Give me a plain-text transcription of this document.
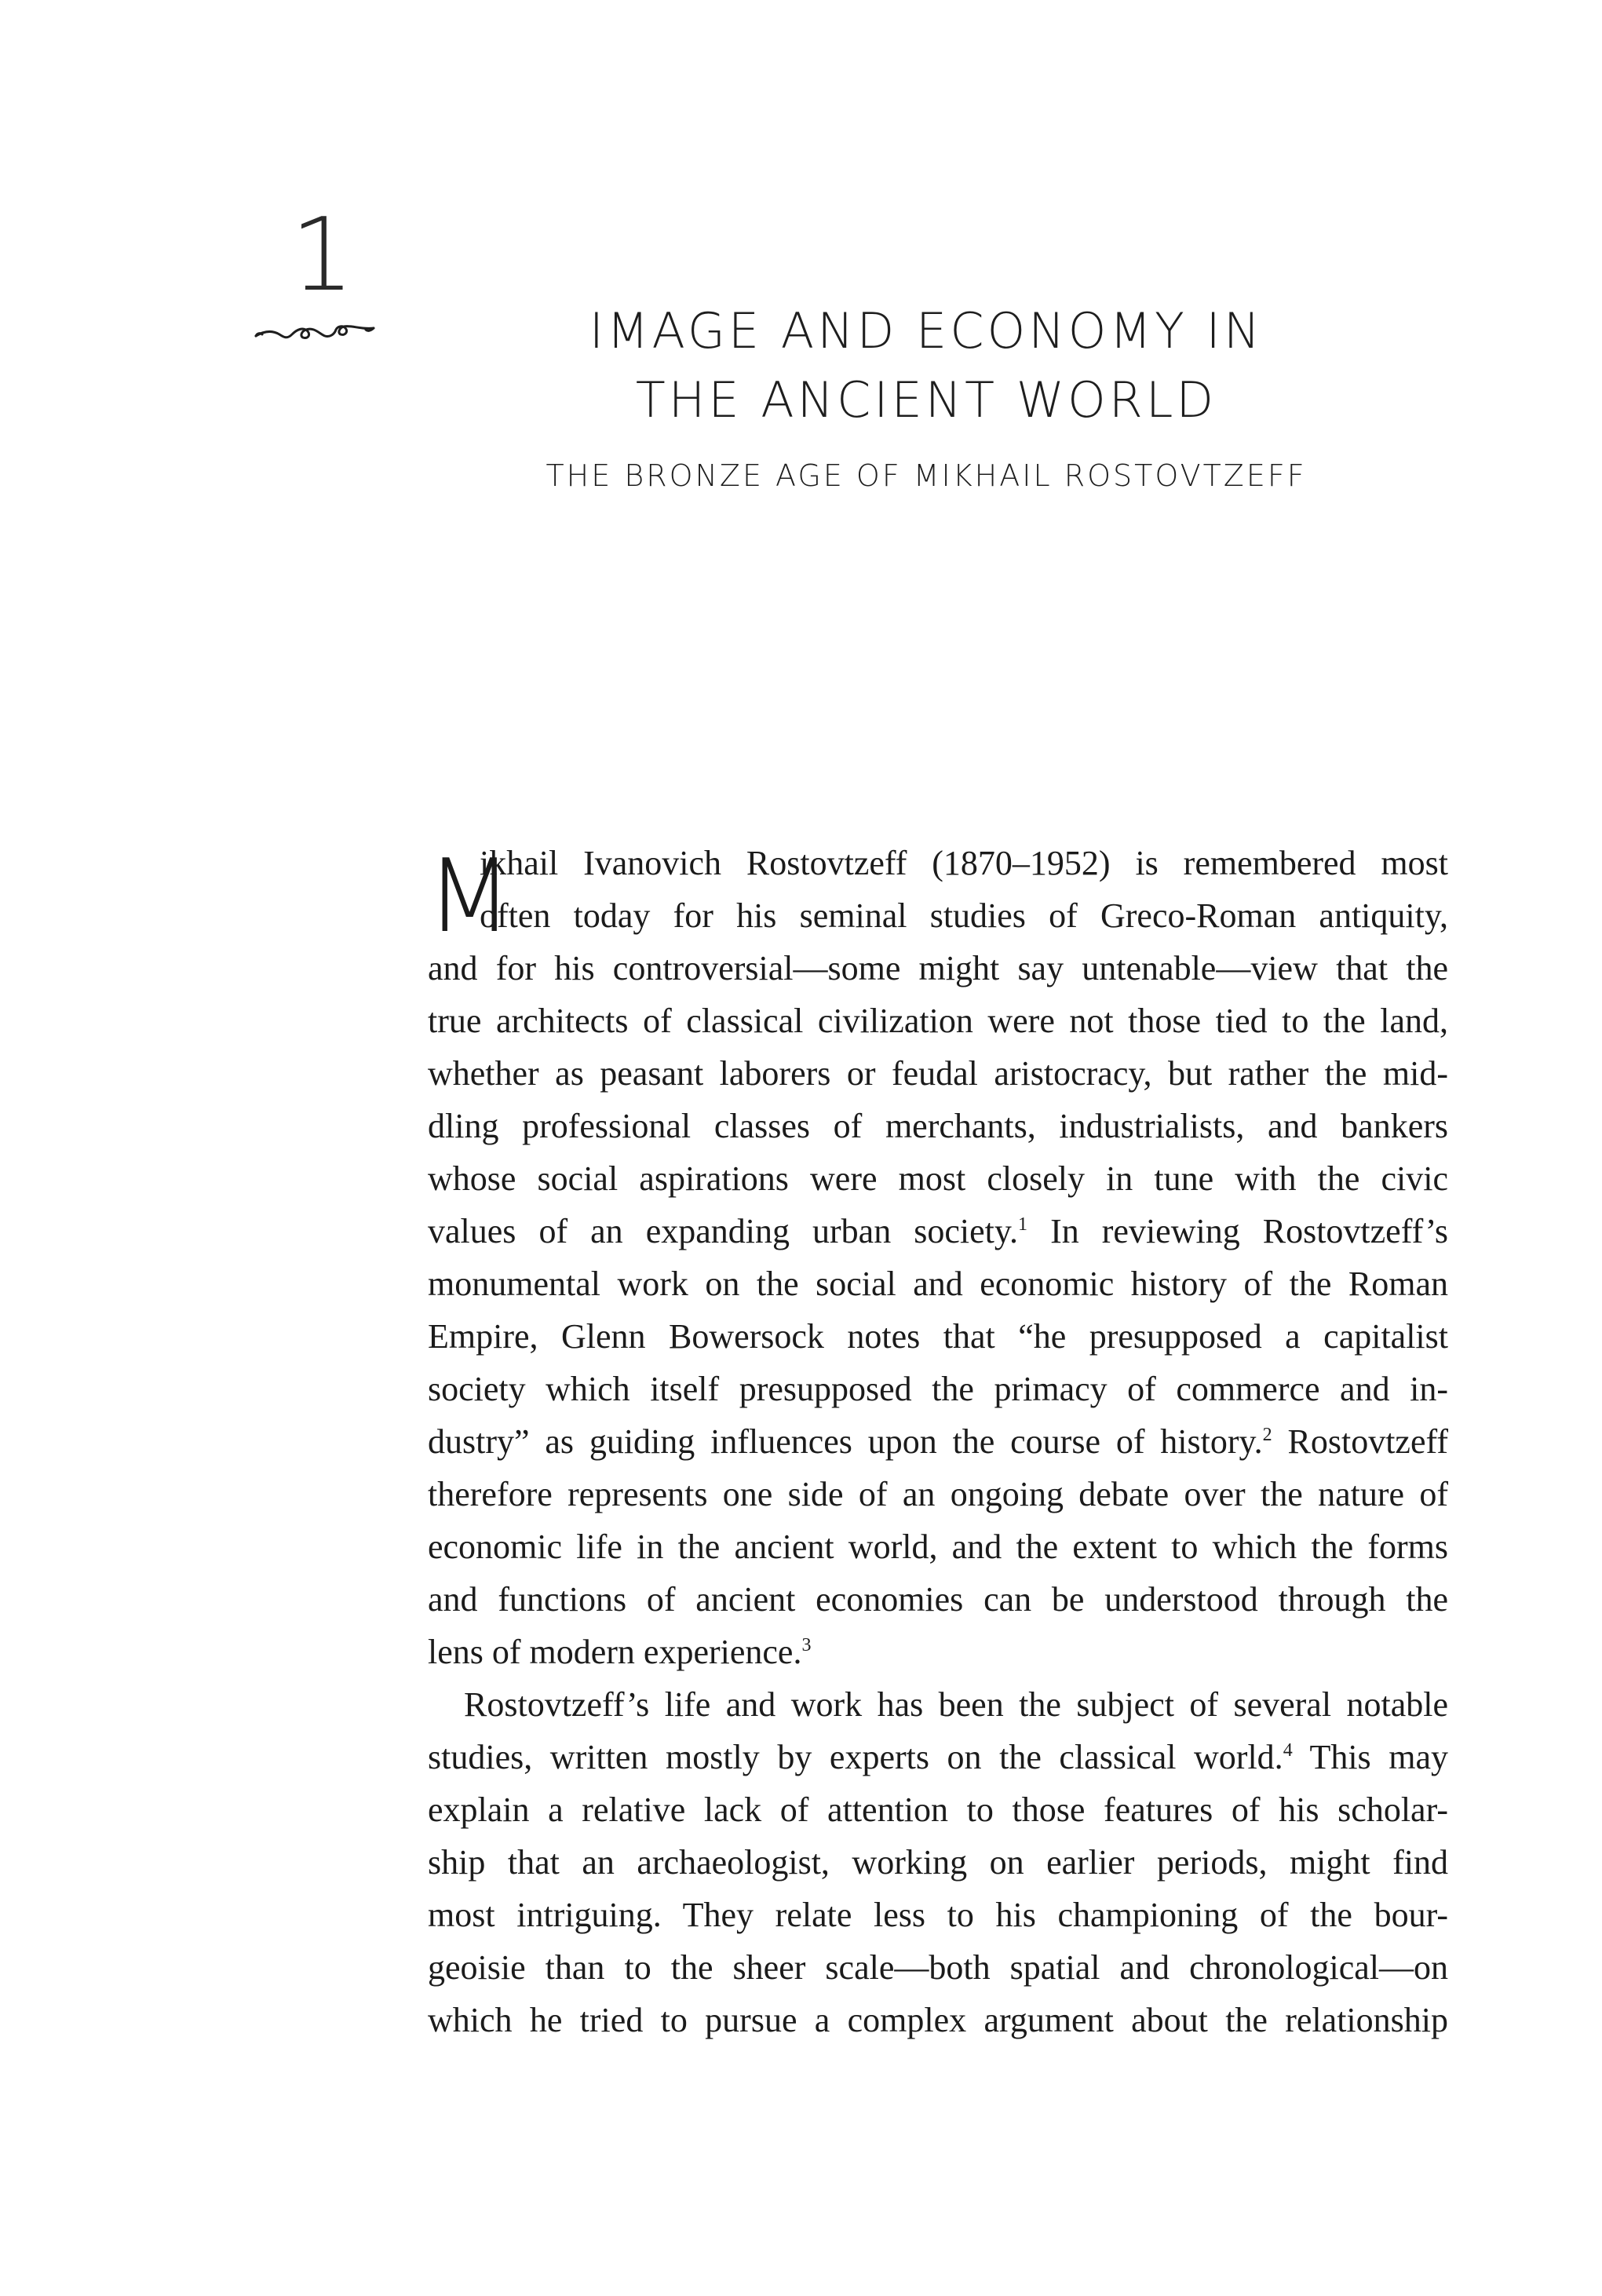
1
IMAGE AND ECONOMY IN
THE ANCIENT WORLD
THE BRONZE AGE OF MIKHAIL ROSTOVTZEFF

M
ikhail Ivanovich Rostovtzeff (1870–1952) is remembered most
often today for his seminal studies of Greco-Roman antiquity,
and for his controversial—some might say untenable—view that the
true architects of classical civilization were not those tied to the land,
whether as peasant laborers or feudal aristocracy, but rather the mid-
dling professional classes of merchants, industrialists, and bankers
whose social aspirations were most closely in tune with the civic
values of an expanding urban society.$^1$ In reviewing Rostovtzeff’s
monumental work on the social and economic history of the Roman
Empire, Glenn Bowersock notes that “he presupposed a capitalist
society which itself presupposed the primacy of commerce and in-
dustry” as guiding influences upon the course of history.$^2$ Rostovtzeff
therefore represents one side of an ongoing debate over the nature of
economic life in the ancient world, and the extent to which the forms
and functions of ancient economies can be understood through the
lens of modern experience.$^3$

Rostovtzeff’s life and work has been the subject of several notable
studies, written mostly by experts on the classical world.$^4$ This may
explain a relative lack of attention to those features of his scholar-
ship that an archaeologist, working on earlier periods, might find
most intriguing. They relate less to his championing of the bour-
geoisie than to the sheer scale—both spatial and chronological—on
which he tried to pursue a complex argument about the relationship
